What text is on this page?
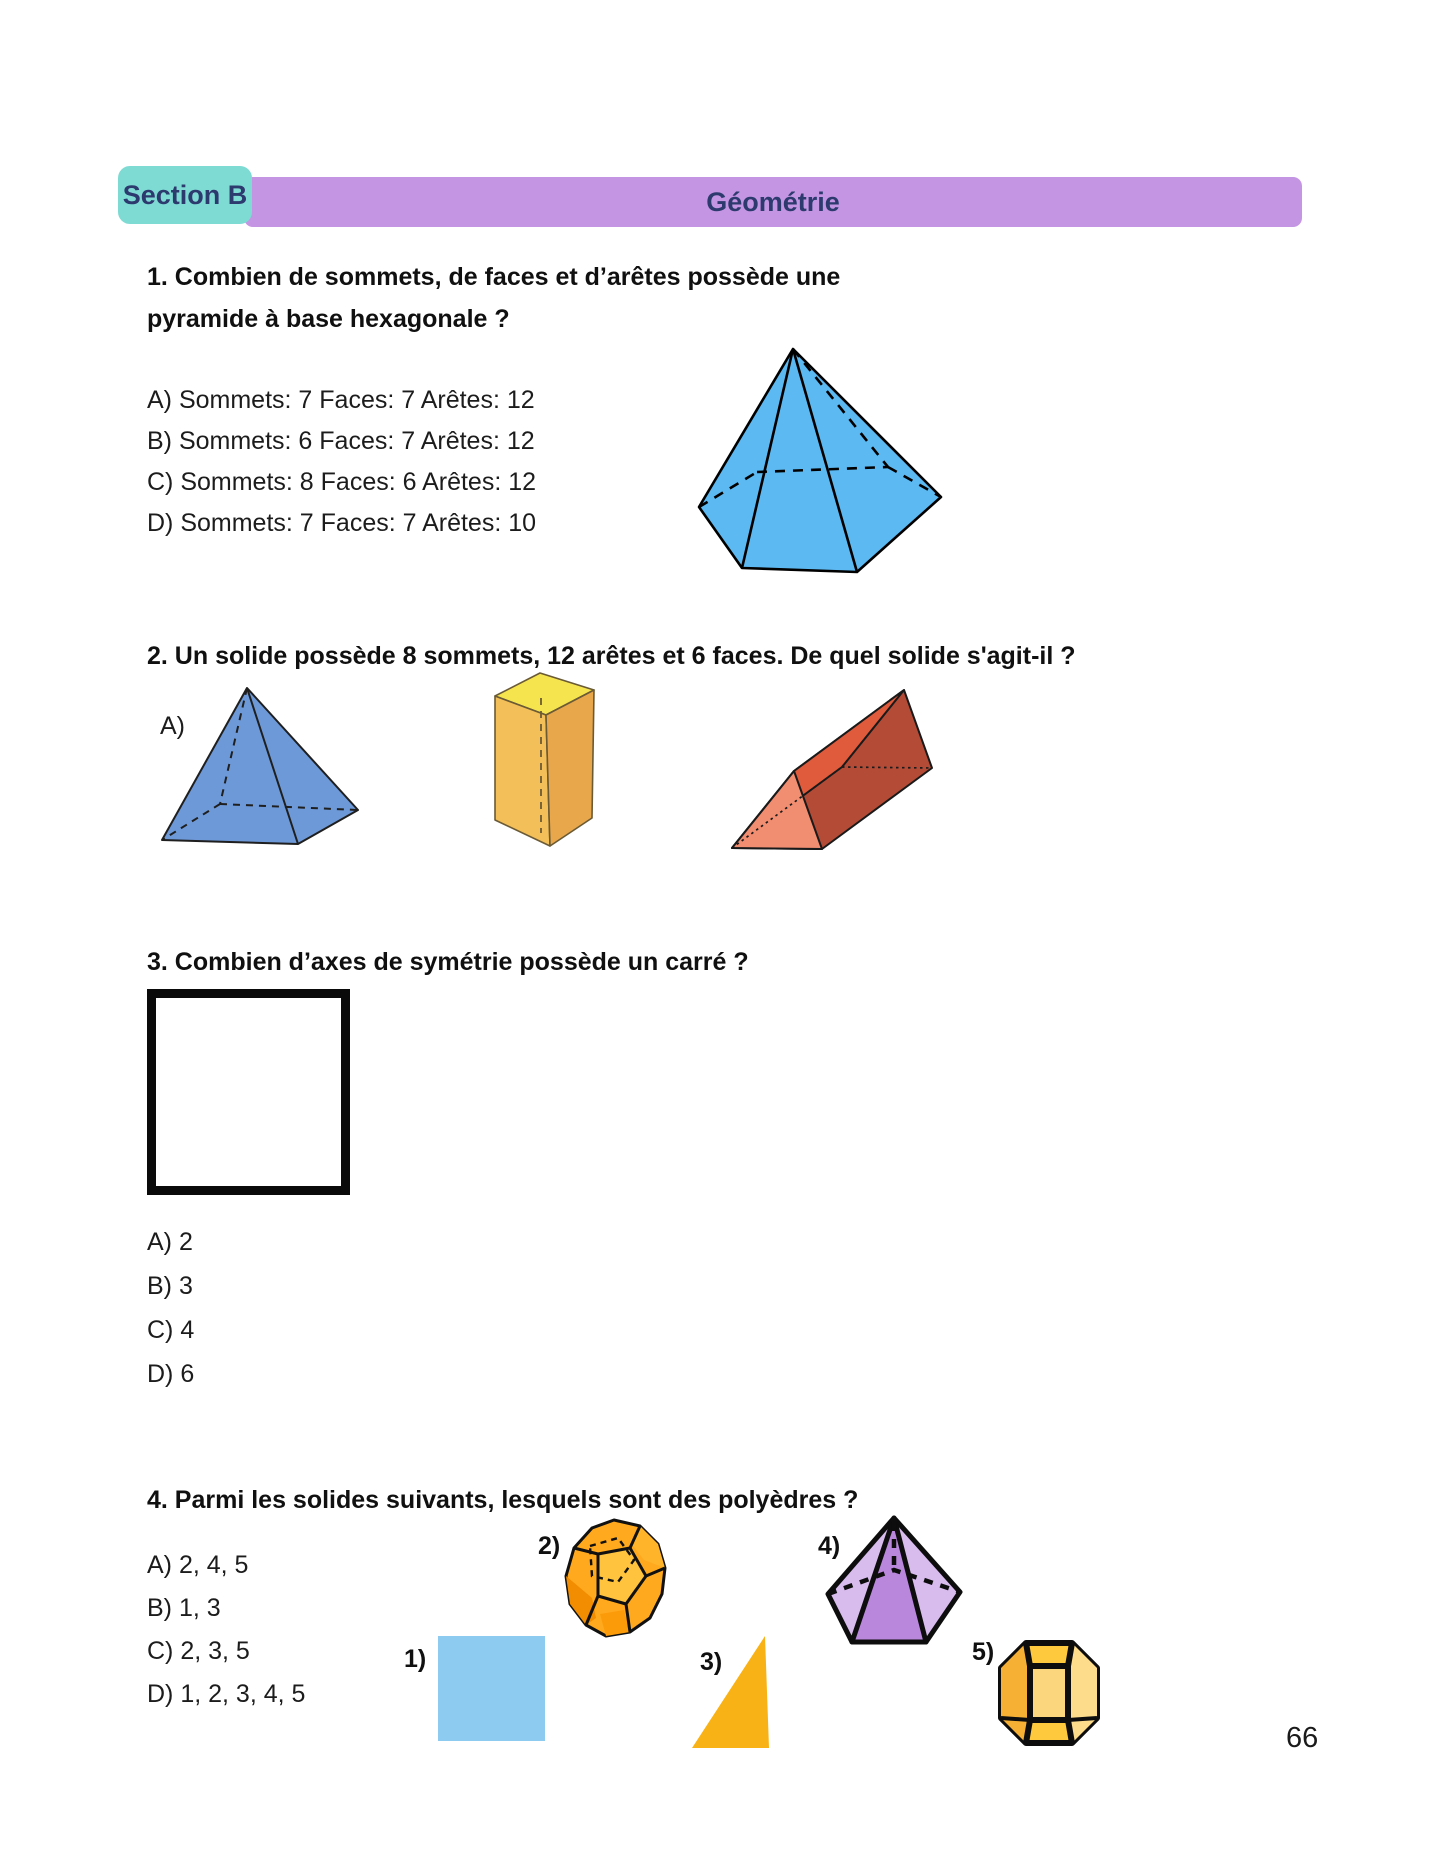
Section B	Géométrie
1. Combien de sommets, de faces et d’arêtes possède une
pyramide à base hexagonale ?
A) Sommets: 7 Faces: 7 Arêtes: 12
B) Sommets: 6 Faces: 7 Arêtes: 12
C) Sommets: 8 Faces: 6 Arêtes: 12
D) Sommets: 7 Faces: 7 Arêtes: 10
2. Un solide possède 8 sommets, 12 arêtes et 6 faces. De quel solide s'agit-il ?
A)
3. Combien d’axes de symétrie possède un carré ?
A) 2
B) 3
C) 4
D) 6
4. Parmi les solides suivants, lesquels sont des polyèdres ?
A) 2, 4, 5
B) 1, 3
C) 2, 3, 5
D) 1, 2, 3, 4, 5
1)
2)
3)
4)
5)
66
